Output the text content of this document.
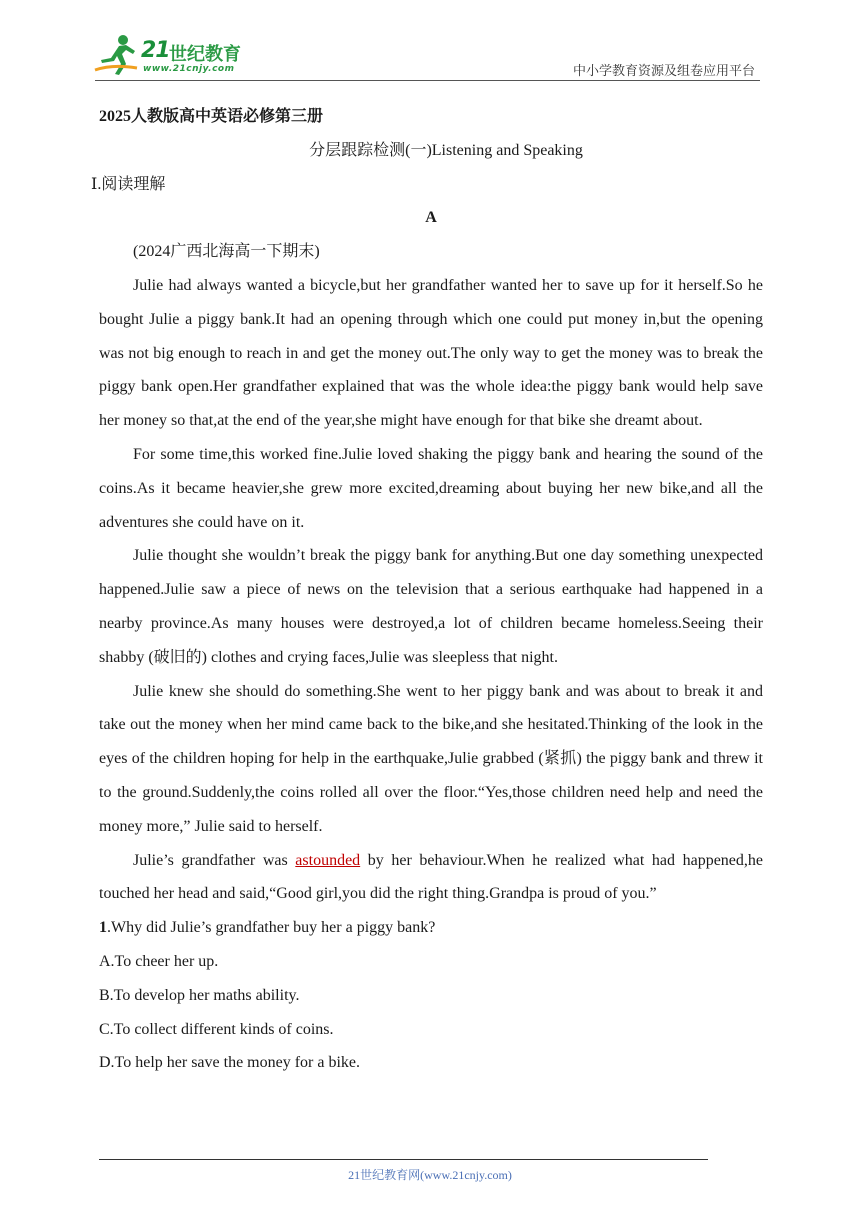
21 世纪教育
www.21cnjy.com	中小学教育资源及组卷应用平台

2025人教版高中英语必修第三册

分层跟踪检测(一)Listening and Speaking

Ⅰ.阅读理解

A

(2024广西北海高一下期末)

Julie had always wanted a bicycle,but her grandfather wanted her to save up for it herself.So he bought Julie a piggy bank.It had an opening through which one could put money in,but the opening was not big enough to reach in and get the money out.The only way to get the money was to break the piggy bank open.Her grandfather explained that was the whole idea:the piggy bank would help save her money so that,at the end of the year,she might have enough for that bike she dreamt about.

For some time,this worked fine.Julie loved shaking the piggy bank and hearing the sound of the coins.As it became heavier,she grew more excited,dreaming about buying her new bike,and all the adventures she could have on it.

Julie thought she wouldn’t break the piggy bank for anything.But one day something unexpected happened.Julie saw a piece of news on the television that a serious earthquake had happened in a nearby province.As many houses were destroyed,a lot of children became homeless.Seeing their shabby (破旧的) clothes and crying faces,Julie was sleepless that night.

Julie knew she should do something.She went to her piggy bank and was about to break it and take out the money when her mind came back to the bike,and she hesitated.Thinking of the look in the eyes of the children hoping for help in the earthquake,Julie grabbed (紧抓) the piggy bank and threw it to the ground.Suddenly,the coins rolled all over the floor.“Yes,those children need help and need the money more,” Julie said to herself.

Julie’s grandfather was astounded by her behaviour.When he realized what had happened,he touched her head and said,“Good girl,you did the right thing.Grandpa is proud of you.”

1.Why did Julie’s grandfather buy her a piggy bank?

A.To cheer her up.

B.To develop her maths ability.

C.To collect different kinds of coins.

D.To help her save the money for a bike.

21世纪教育网(www.21cnjy.com)
